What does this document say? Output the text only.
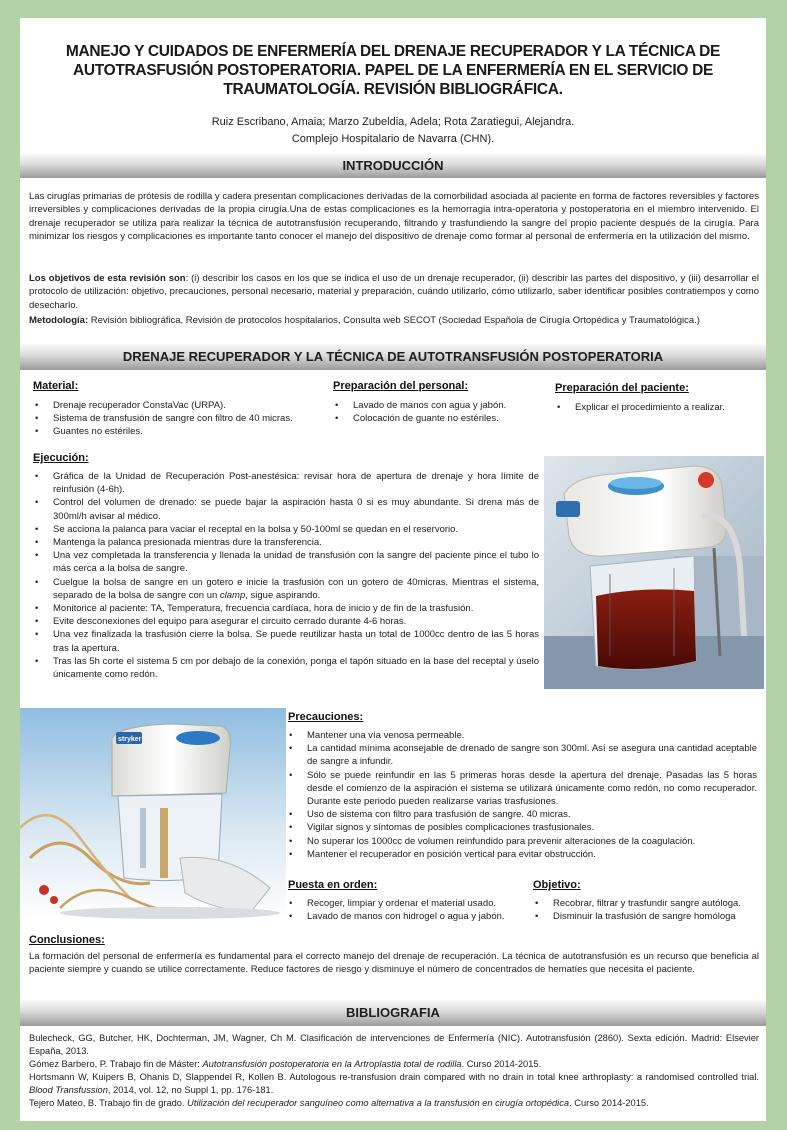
MANEJO Y CUIDADOS DE ENFERMERÍA DEL DRENAJE RECUPERADOR Y LA TÉCNICA DE
AUTOTRASFUSIÓN POSTOPERATORIA. PAPEL DE LA ENFERMERÍA EN EL SERVICIO DE
TRAUMATOLOGÍA. REVISIÓN BIBLIOGRÁFICA.
Ruiz Escribano, Amaia; Marzo Zubeldia, Adela; Rota Zaratiegui, Alejandra.
Complejo Hospitalario de Navarra (CHN).
INTRODUCCIÓN
Las cirugías primarias de prótesis de rodilla y cadera presentan complicaciones derivadas de la comorbilidad asociada al paciente en forma de factores reversibles y factores irreversibles y complicaciones derivadas de la propia cirugía.Una de estas complicaciones es la hemorragia intra-operatoria y postoperatoria en el miembro intervenido. El drenaje recuperador se utiliza para realizar la técnica de autotransfusión recuperando, filtrando y trasfundiendo la sangre del propio paciente después de la cirugía. Para minimizar los riesgos y complicaciones es importante tanto conocer el manejo del dispositivo de drenaje como formar al personal de enfermería en la utilización del mismo.
Los objetivos de esta revisión son: (i) describir los casos en los que se indica el uso de un drenaje recuperador, (ii) describir las partes del dispositivo, y (iii) desarrollar el protocolo de utilización: objetivo, precauciones, personal necesario, material y preparación, cuándo utilizarlo, cómo utilizarlo, saber identificar posibles contratiempos y como desecharlo.
Metodología: Revisión bibliográfica, Revisión de protocolos hospitalarios, Consulta web SECOT (Sociedad Española de Cirugía Ortopédica y Traumatológica.)
DRENAJE RECUPERADOR Y LA TÉCNICA DE AUTOTRANSFUSIÓN POSTOPERATORIA
Material:
• Drenaje recuperador ConstaVac (URPA).
• Sistema de transfusión de sangre con filtro de 40 micras.
• Guantes no estériles.
Preparación del personal:
• Lavado de manos con agua y jabón.
• Colocación de guante no estériles.
Preparación del paciente:
• Explicar el procedimiento a realizar.
Ejecución:
• Gráfica de la Unidad de Recuperación Post-anestésica: revisar hora de apertura de drenaje y hora límite de reinfusión (4-6h).
• Control del volumen de drenado: se puede bajar la aspiración hasta 0 si es muy abundante. Si drena más de 300ml/h avisar al médico.
• Se acciona la palanca para vaciar el receptal en la bolsa y 50-100ml se quedan en el reservorio.
• Mantenga la palanca presionada mientras dure la transferencia.
• Una vez completada la transferencia y llenada la unidad de transfusión con la sangre del paciente pince el tubo lo más cerca a la bolsa de sangre.
• Cuelgue la bolsa de sangre en un gotero e inicie la trasfusión con un gotero de 40micras. Mientras el sistema, separado de la bolsa de sangre con un clamp, sigue aspirando.
• Monitorice al paciente: TA, Temperatura, frecuencia cardíaca, hora de inicio y de fin de la trasfusión.
• Evite desconexiones del equipo para asegurar el circuito cerrado durante 4-6 horas.
• Una vez finalizada la trasfusión cierre la bolsa. Se puede reutilizar hasta un total de 1000cc dentro de las 5 horas tras la apertura.
• Tras las 5h corte el sistema 5 cm por debajo de la conexión, ponga el tapón situado en la base del receptal y úselo únicamente como redón.
stryker
Precauciones:
• Mantener una vía venosa permeable.
• La cantidad mínima aconsejable de drenado de sangre son 300ml. Así se asegura una cantidad aceptable de sangre a infundir.
• Sólo se puede reinfundir en las 5 primeras horas desde la apertura del drenaje. Pasadas las 5 horas desde el comienzo de la aspiración el sistema se utilizará únicamente como redón, no como recuperador. Durante este periodo pueden realizarse varias trasfusiones.
• Uso de sistema con filtro para trasfusión de sangre. 40 micras.
• Vigilar signos y síntomas de posibles complicaciones trasfusionales.
• No superar los 1000cc de volumen reinfundido para prevenir alteraciones de la coagulación.
• Mantener el recuperador en posición vertical para evitar obstrucción.
Puesta en orden:
• Recoger, limpiar y ordenar el material usado.
• Lavado de manos con hidrogel o agua y jabón.
Objetivo:
• Recobrar, filtrar y trasfundir sangre autóloga.
• Disminuir la trasfusión de sangre homóloga
Conclusiones:
La formación del personal de enfermería es fundamental para el correcto manejo del drenaje de recuperación. La técnica de autotransfusión es un recurso que beneficia al paciente siempre y cuando se utilice correctamente. Reduce factores de riesgo y disminuye el número de concentrados de hematíes que necesita el paciente.
BIBLIOGRAFIA

Bulecheck, GG, Butcher, HK, Dochterman, JM, Wagner, Ch M. Clasificación de intervenciones de Enfermería (NIC). Autotransfusión (2860). Sexta edición. Madrid: Elsevier España, 2013.

Gómez Barbero, P. Trabajo fin de Máster: Autotransfusión postoperatoria en la Artroplastia total de rodilla. Curso 2014-2015.

Hortsmann W, Kuipers B, Ohanis D, Slappendel R, Kollen B. Autologous re-transfusion drain compared with no drain in total knee arthroplasty: a randomised controlled trial. Blood Transfussion, 2014, vol. 12, no Suppl 1, pp. 176-181.

Tejero Mateo, B. Trabajo fin de grado. Utilización del recuperador sanguíneo como alternativa a la transfusión en cirugía ortopédica. Curso 2014-2015.
